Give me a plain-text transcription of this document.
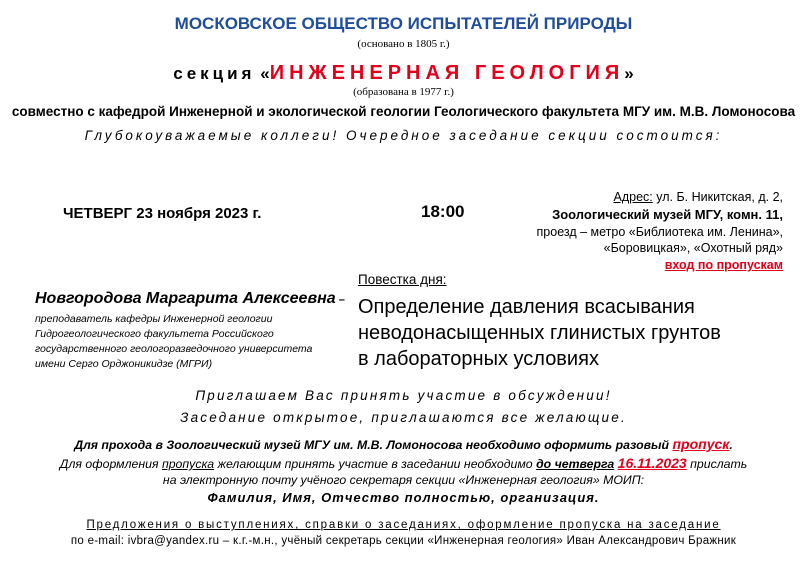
МОСКОВСКОЕ ОБЩЕСТВО ИСПЫТАТЕЛЕЙ ПРИРОДЫ
(основано в 1805 г.)
секция «ИНЖЕНЕРНАЯ ГЕОЛОГИЯ»
(образована в 1977 г.)
совместно с кафедрой Инженерной и экологической геологии Геологического факультета МГУ им. М.В. Ломоносова
Глубокоуважаемые коллеги! Очередное заседание секции состоится:
ЧЕТВЕРГ 23 ноября 2023 г.	18:00
Адрес: ул. Б. Никитская, д. 2,
Зоологический музей МГУ, комн. 11,
проезд – метро «Библиотека им. Ленина»,
«Боровицкая», «Охотный ряд»
вход по пропускам
Повестка дня:
Новгородова Маргарита Алексеевна –
преподаватель кафедры Инженерной геологии Гидрогеологического факультета Российского государственного геологоразведочного университета имени Серго Орджоникидзе (МГРИ)
Определение давления всасывания
неводонасыщенных глинистых грунтов
в лабораторных условиях
Приглашаем Вас принять участие в обсуждении!
Заседание открытое, приглашаются все желающие.
Для прохода в Зоологический музей МГУ им. М.В. Ломоносова необходимо оформить разовый пропуск.
Для оформления пропуска желающим принять участие в заседании необходимо до четверга 16.11.2023 прислать
на электронную почту учёного секретаря секции «Инженерная геология» МОИП:
Фамилия, Имя, Отчество полностью, организация.
Предложения о выступлениях, справки о заседаниях, оформление пропуска на заседание
по e-mail: ivbra@yandex.ru – к.г.-м.н., учёный секретарь секции «Инженерная геология» Иван Александрович Бражник
